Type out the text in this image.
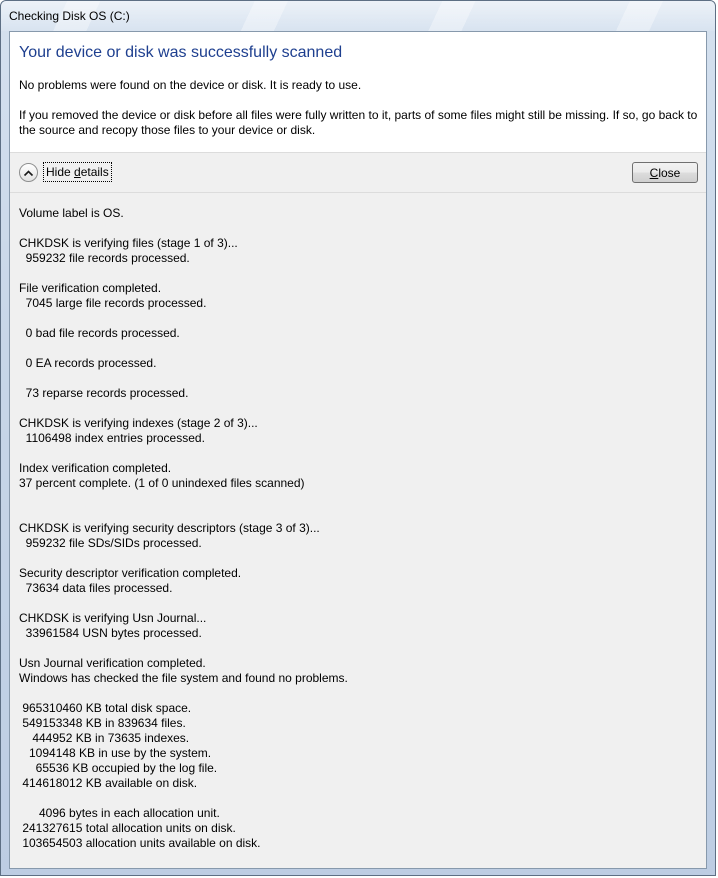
Checking Disk OS (C:)
Your device or disk was successfully scanned
No problems were found on the device or disk. It is ready to use.
If you removed the device or disk before all files were fully written to it, parts of some files might still be missing. If so, go back to the source and recopy those files to your device or disk.
Hide details	C lose
Volume label is OS.

CHKDSK is verifying files (stage 1 of 3)...
959232 file records processed.

File verification completed.
7045 large file records processed.

0 bad file records processed.

0 EA records processed.

73 reparse records processed.

CHKDSK is verifying indexes (stage 2 of 3)...
1106498 index entries processed.

Index verification completed.
37 percent complete. (1 of 0 unindexed files scanned)

CHKDSK is verifying security descriptors (stage 3 of 3)...
959232 file SDs/SIDs processed.

Security descriptor verification completed.
73634 data files processed.

CHKDSK is verifying Usn Journal...
33961584 USN bytes processed.

Usn Journal verification completed.
Windows has checked the file system and found no problems.

965310460 KB total disk space.
549153348 KB in 839634 files.
444952 KB in 73635 indexes.
1094148 KB in use by the system.
65536 KB occupied by the log file.
414618012 KB available on disk.

4096 bytes in each allocation unit.
241327615 total allocation units on disk.
103654503 allocation units available on disk.
